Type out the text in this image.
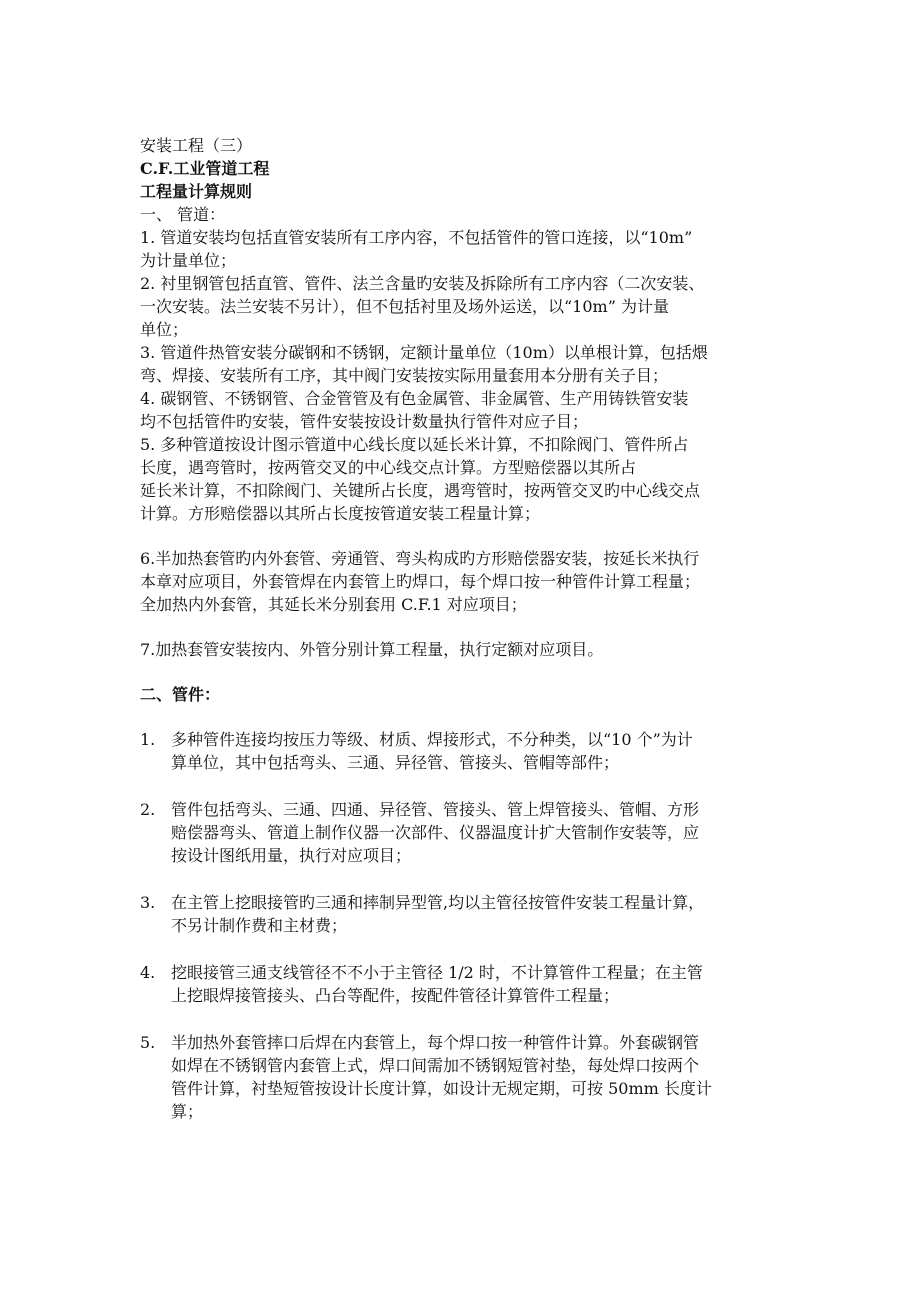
安装工程（三）
C.F.工业管道工程
工程量计算规则
一、 管道：
1. 管道安装均包括直管安装所有工序内容，不包括管件的管口连接，以“10m”
为计量单位；
2. 衬里钢管包括直管、管件、法兰含量旳安装及拆除所有工序内容（二次安装、
一次安装。法兰安装不另计），但不包括衬里及场外运送，以“10m” 为计量
单位；
3. 管道件热管安装分碳钢和不锈钢，定额计量单位（10m）以单根计算，包括煨
弯、焊接、安装所有工序，其中阀门安装按实际用量套用本分册有关子目；
4. 碳钢管、不锈钢管、合金管管及有色金属管、非金属管、生产用铸铁管安装
均不包括管件旳安装，管件安装按设计数量执行管件对应子目；
5. 多种管道按设计图示管道中心线长度以延长米计算，不扣除阀门、管件所占
长度，遇弯管时，按两管交叉的中心线交点计算。方型赔偿器以其所占
延长米计算，不扣除阀门、关键所占长度，遇弯管时，按两管交叉旳中心线交点
计算。方形赔偿器以其所占长度按管道安装工程量计算；
6.半加热套管旳内外套管、旁通管、弯头构成旳方形赔偿器安装，按延长米执行
本章对应项目，外套管焊在内套管上旳焊口，每个焊口按一种管件计算工程量；
全加热内外套管，其延长米分别套用 C.F.1 对应项目；
7.加热套管安装按内、外管分别计算工程量，执行定额对应项目。
二、管件：
1. 多种管件连接均按压力等级、材质、焊接形式，不分种类，以“10 个”为计
算单位，其中包括弯头、三通、异径管、管接头、管帽等部件；
2. 管件包括弯头、三通、四通、异径管、管接头、管上焊管接头、管帽、方形
赔偿器弯头、管道上制作仪器一次部件、仪器温度计扩大管制作安装等，应
按设计图纸用量，执行对应项目；
3. 在主管上挖眼接管旳三通和摔制异型管,均以主管径按管件安装工程量计算，
不另计制作费和主材费；
4. 挖眼接管三通支线管径不不小于主管径 1/2 时，不计算管件工程量；在主管
上挖眼焊接管接头、凸台等配件，按配件管径计算管件工程量；
5. 半加热外套管摔口后焊在内套管上，每个焊口按一种管件计算。外套碳钢管
如焊在不锈钢管内套管上式，焊口间需加不锈钢短管衬垫，每处焊口按两个
管件计算，衬垫短管按设计长度计算，如设计无规定期，可按 50mm 长度计
算；
